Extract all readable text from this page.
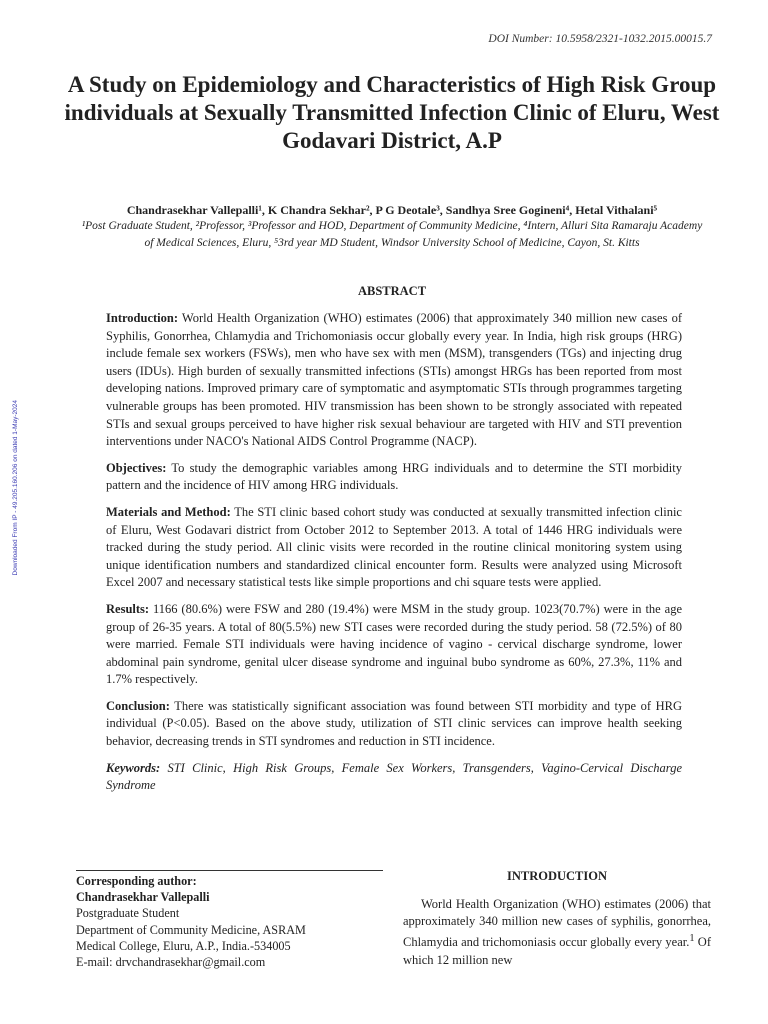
DOI Number: 10.5958/2321-1032.2015.00015.7
Downloaded From IP - 49.205.160.206 on dated 1-May-2024
A Study on Epidemiology and Characteristics of High Risk Group individuals at Sexually Transmitted Infection Clinic of Eluru, West Godavari District, A.P

Chandrasekhar Vallepalli¹, K Chandra Sekhar², P G Deotale³, Sandhya Sree Gogineni⁴, Hetal Vithalani⁵

¹Post Graduate Student, ²Professor, ³Professor and HOD, Department of Community Medicine, ⁴Intern, Alluri Sita Ramaraju Academy of Medical Sciences, Eluru, ⁵3rd year MD Student, Windsor University School of Medicine, Cayon, St. Kitts

ABSTRACT

Introduction: World Health Organization (WHO) estimates (2006) that approximately 340 million new cases of Syphilis, Gonorrhea, Chlamydia and Trichomoniasis occur globally every year. In India, high risk groups (HRG) include female sex workers (FSWs), men who have sex with men (MSM), transgenders (TGs) and injecting drug users (IDUs). High burden of sexually transmitted infections (STIs) amongst HRGs has been reported from most developing nations. Improved primary care of symptomatic and asymptomatic STIs through programmes targeting vulnerable groups has been promoted. HIV transmission has been shown to be strongly associated with repeated STIs and sexual groups perceived to have higher risk sexual behaviour are targeted with HIV and STI prevention interventions under NACO's National AIDS Control Programme (NACP).

Objectives: To study the demographic variables among HRG individuals and to determine the STI morbidity pattern and the incidence of HIV among HRG individuals.

Materials and Method: The STI clinic based cohort study was conducted at sexually transmitted infection clinic of Eluru, West Godavari district from October 2012 to September 2013. A total of 1446 HRG individuals were tracked during the study period. All clinic visits were recorded in the routine clinical monitoring system using unique identification numbers and standardized clinical encounter form. Results were analyzed using Microsoft Excel 2007 and necessary statistical tests like simple proportions and chi square tests were applied.

Results: 1166 (80.6%) were FSW and 280 (19.4%) were MSM in the study group. 1023(70.7%) were in the age group of 26-35 years. A total of 80(5.5%) new STI cases were recorded during the study period. 58 (72.5%) of 80 were married. Female STI individuals were having incidence of vagino - cervical discharge syndrome, lower abdominal pain syndrome, genital ulcer disease syndrome and inguinal bubo syndrome as 60%, 27.3%, 11% and 1.7% respectively.

Conclusion: There was statistically significant association was found between STI morbidity and type of HRG individual (P<0.05). Based on the above study, utilization of STI clinic services can improve health seeking behavior, decreasing trends in STI syndromes and reduction in STI incidence.

Keywords: STI Clinic, High Risk Groups, Female Sex Workers, Transgenders, Vagino-Cervical Discharge Syndrome

Corresponding author:
Chandrasekhar Vallepalli
Postgraduate Student
Department of Community Medicine, ASRAM
Medical College, Eluru, A.P., India.-534005
E-mail: drvchandrasekhar@gmail.com
INTRODUCTION

World Health Organization (WHO) estimates (2006) that approximately 340 million new cases of syphilis, gonorrhea, Chlamydia and trichomoniasis occur globally every year.$^1$ Of which 12 million new
